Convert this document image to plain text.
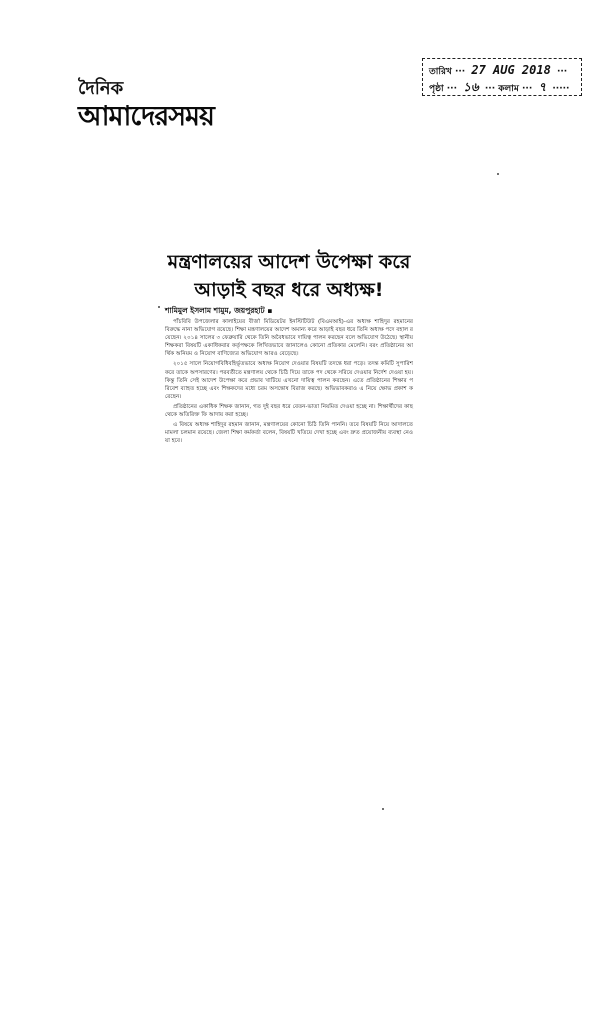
দৈনিক
আমাদেরসময়
তারিখ ··· 27 AUG 2018 ···
পৃষ্ঠা ··· ১৬ ··· কলাম ··· ৭ ·····
মন্ত্রণালয়ের আদেশ উপেক্ষা করে
আড়াই বছর ধরে অধ্যক্ষ!
শামিমুল ইসলাম শামুম, জয়পুরহাট ▪

পাঁচবিবি উপজেলার কালাইয়ের বীর্জা মিডিয়েটর ইনস্টিটিউট (বিএমআই)-এর অধ্যক্ষ শাহিদুর রহমানের বিরুদ্ধে নানা অভিযোগ রয়েছে। শিক্ষা মন্ত্রণালয়ের আদেশ অমান্য করে আড়াই বছর ধরে তিনি অধ্যক্ষ পদে বহাল রয়েছেন। ২০১৪ সালের ৩ ফেব্রুয়ারি থেকে তিনি অবৈধভাবে দায়িত্ব পালন করছেন বলে অভিযোগ উঠেছে। স্থানীয় শিক্ষকরা বিষয়টি একাধিকবার কর্তৃপক্ষকে লিখিতভাবে জানালেও কোনো প্রতিকার মেলেনি। বরং প্রতিষ্ঠানের আর্থিক অনিয়ম ও নিয়োগ বাণিজ্যের অভিযোগ আরও বেড়েছে।

২০১৫ সালে নিয়োগবিধিবহির্ভূতভাবে অধ্যক্ষ নিয়োগ দেওয়ার বিষয়টি তদন্তে ধরা পড়ে। তদন্ত কমিটি সুপারিশ করে তাকে অপসারণের। পরবর্তীতে মন্ত্রণালয় থেকে চিঠি দিয়ে তাকে পদ থেকে সরিয়ে দেওয়ার নির্দেশ দেওয়া হয়। কিন্তু তিনি সেই আদেশ উপেক্ষা করে প্রভাব খাটিয়ে এখনো দায়িত্ব পালন করছেন। এতে প্রতিষ্ঠানের শিক্ষার পরিবেশ ব্যাহত হচ্ছে এবং শিক্ষকদের মধ্যে চরম অসন্তোষ বিরাজ করছে। অভিভাবকরাও এ নিয়ে ক্ষোভ প্রকাশ করেছেন।

প্রতিষ্ঠানের একাধিক শিক্ষক জানান, গত দুই বছর ধরে বেতন-ভাতা নিয়মিত দেওয়া হচ্ছে না। শিক্ষার্থীদের কাছ থেকে অতিরিক্ত ফি আদায় করা হচ্ছে।

এ বিষয়ে অধ্যক্ষ শাহিদুর রহমান জানান, মন্ত্রণালয়ের কোনো চিঠি তিনি পাননি। তবে বিষয়টি নিয়ে আদালতে মামলা চলমান রয়েছে। জেলা শিক্ষা কর্মকর্তা বলেন, বিষয়টি খতিয়ে দেখা হচ্ছে এবং দ্রুত প্রয়োজনীয় ব্যবস্থা নেওয়া হবে।
